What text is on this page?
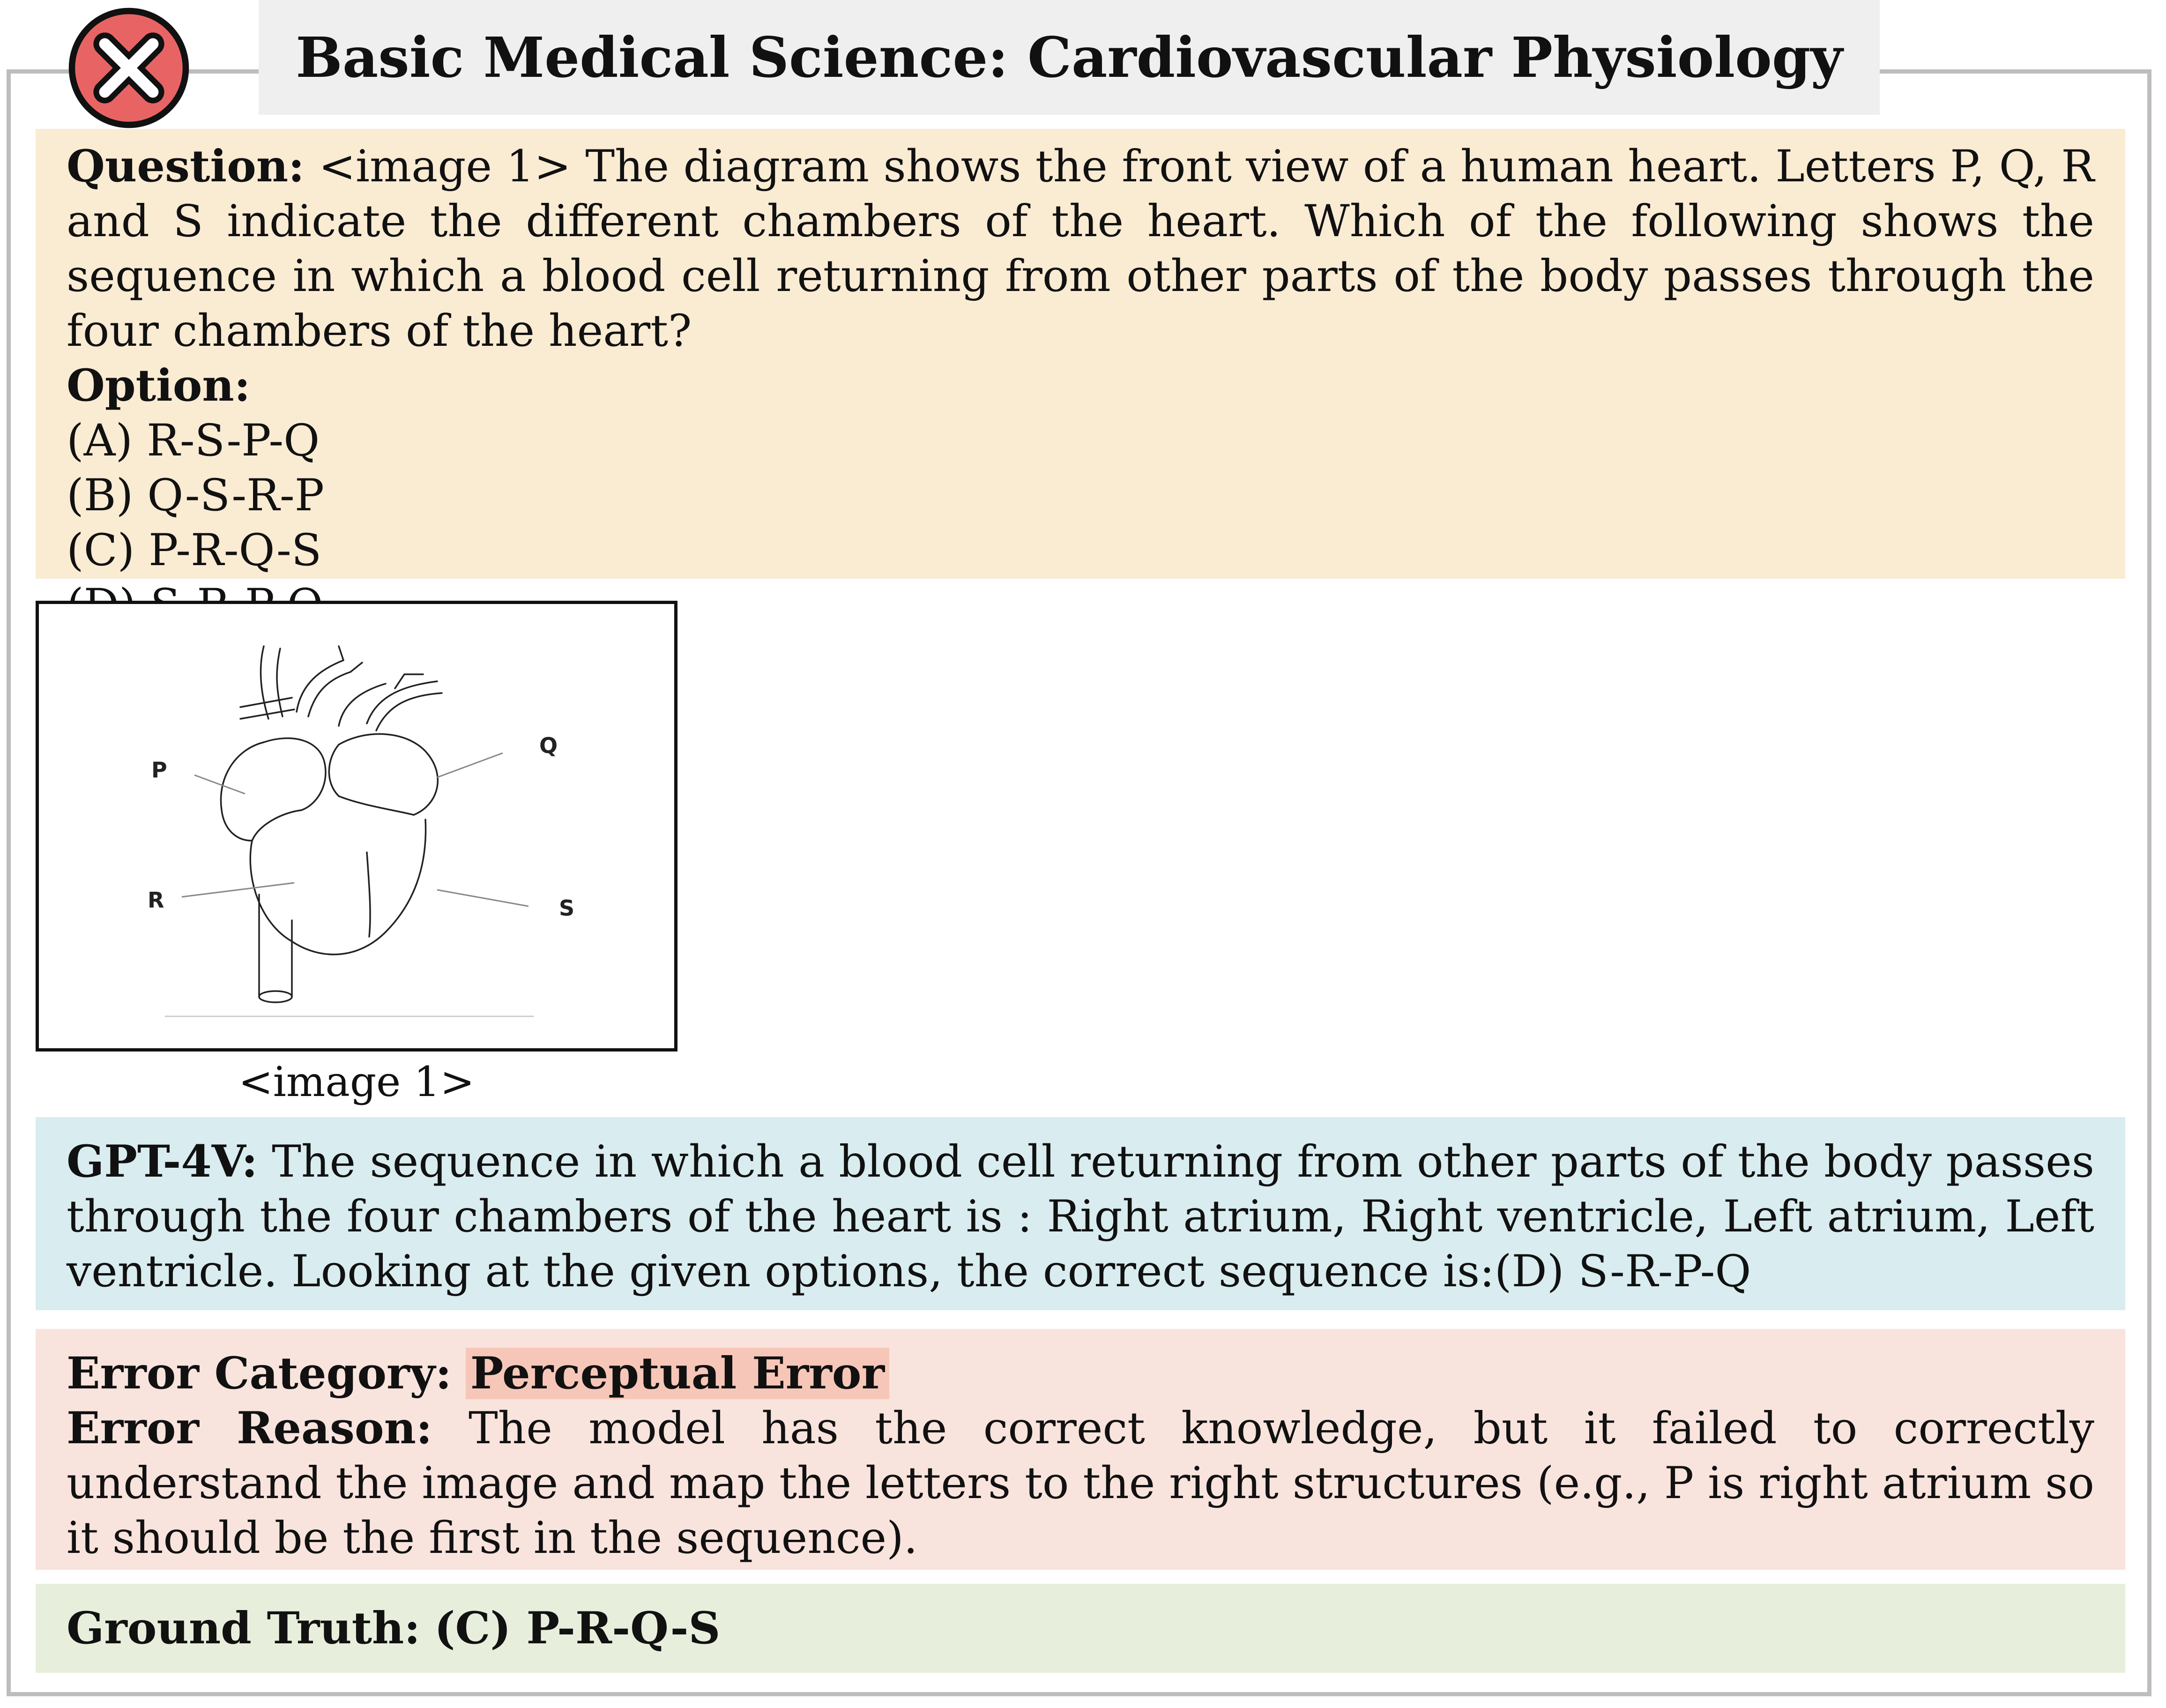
Basic Medical Science: Cardiovascular Physiology
Question: <image 1> The diagram shows the front view of a human heart. Letters P, Q, R and S indicate the different chambers of the heart. Which of the following shows the sequence in which a blood cell returning from other parts of the body passes through the four chambers of the heart?
Option:
(A) R-S-P-Q
(B) Q-S-R-P
(C) P-R-Q-S
P
Q
R	S
<image 1>
GPT-4V: The sequence in which a blood cell returning from other parts of the body passes through the four chambers of the heart is : Right atrium, Right ventricle, Left atrium, Left ventricle. Looking at the given options, the correct sequence is:(D) S-R-P-Q
Error Category: Perceptual Error
Error Reason: The model has the correct knowledge, but it failed to correctly understand the image and map the letters to the right structures (e.g., P is right atrium so it should be the first in the sequence).
Ground Truth:
(C) P-R-Q-S
